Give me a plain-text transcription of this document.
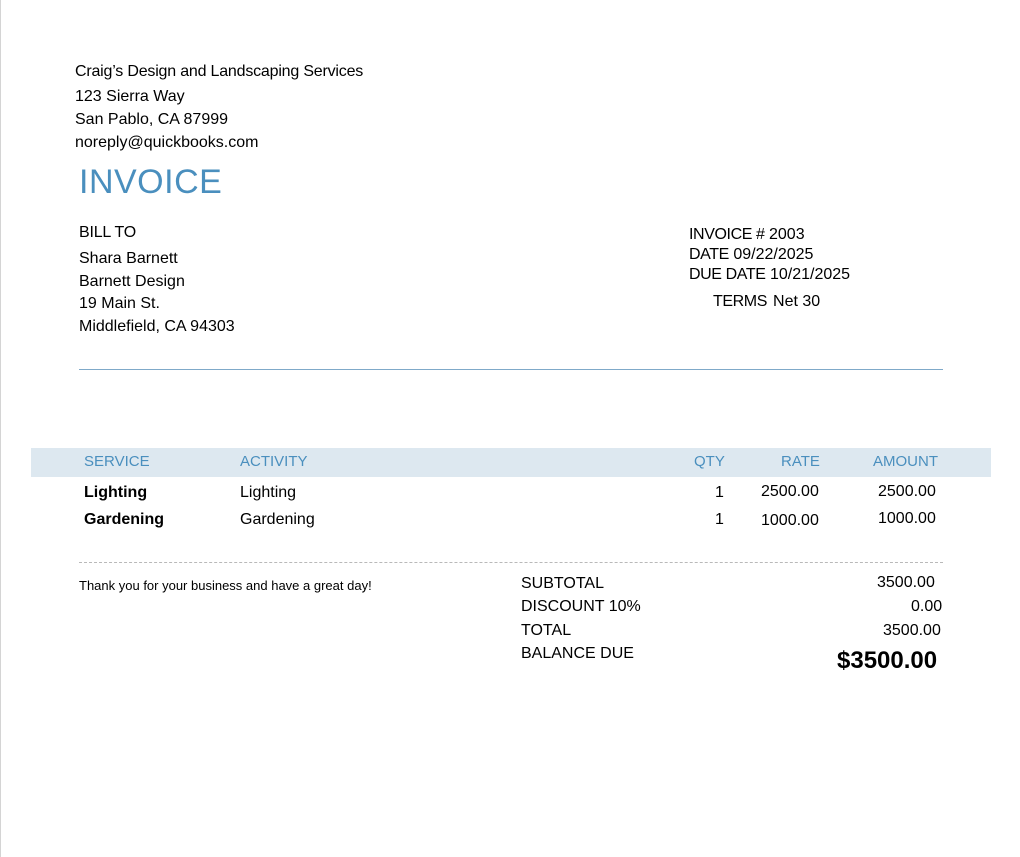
Craig’s Design and Landscaping Services
123 Sierra Way
San Pablo, CA 87999
noreply@quickbooks.com
INVOICE
BILL TO
Shara Barnett
Barnett Design
19 Main St.
Middlefield, CA 94303
INVOICE # 2003
DATE 09/22/2025
DUE DATE 10/21/2025
TERMS Net 30
SERVICE	ACTIVITY	QTY	RATE	AMOUNT
Lighting	Lighting	1 2500.00	2500.00
Gardening	Gardening	1 1000.00	1000.00
Thank you for your business and have a great day!	SUBTOTAL	3500.00
DISCOUNT 10%	0.00
TOTAL	3500.00
BALANCE DUE	$3500.00
